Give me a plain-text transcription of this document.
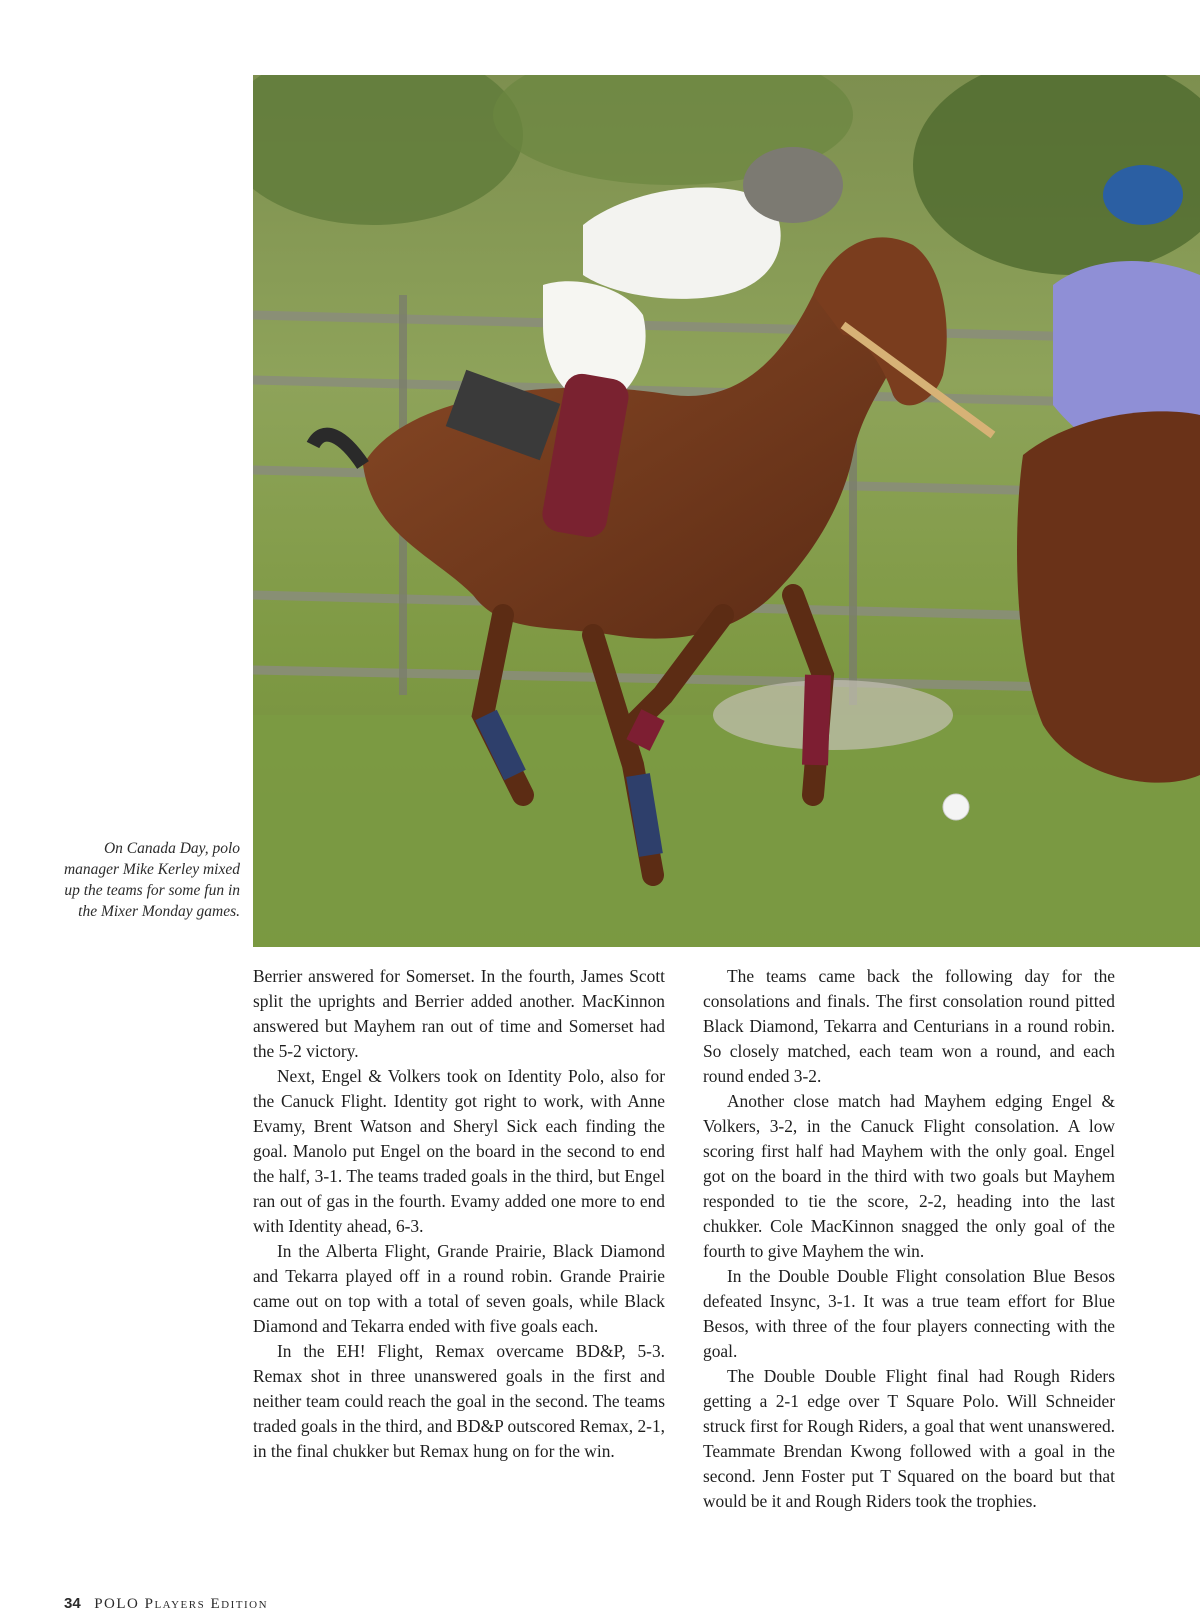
On Canada Day, polo manager Mike Kerley mixed up the teams for some fun in the Mixer Monday games.

Berrier answered for Somerset. In the fourth, James Scott split the uprights and Berrier added another. MacKinnon answered but Mayhem ran out of time and Somerset had the 5-2 victory.

Next, Engel & Volkers took on Identity Polo, also for the Canuck Flight. Identity got right to work, with Anne Evamy, Brent Watson and Sheryl Sick each finding the goal. Manolo put Engel on the board in the second to end the half, 3-1. The teams traded goals in the third, but Engel ran out of gas in the fourth. Evamy added one more to end with Identity ahead, 6-3.

In the Alberta Flight, Grande Prairie, Black Diamond and Tekarra played off in a round robin. Grande Prairie came out on top with a total of seven goals, while Black Diamond and Tekarra ended with five goals each.

In the EH! Flight, Remax overcame BD&P, 5-3. Remax shot in three unanswered goals in the first and neither team could reach the goal in the second. The teams traded goals in the third, and BD&P outscored Remax, 2-1, in the final chukker but Remax hung on for the win.

The teams came back the following day for the consolations and finals. The first consolation round pitted Black Diamond, Tekarra and Centurians in a round robin. So closely matched, each team won a round, and each round ended 3-2.

Another close match had Mayhem edging Engel & Volkers, 3-2, in the Canuck Flight consolation. A low scoring first half had Mayhem with the only goal. Engel got on the board in the third with two goals but Mayhem responded to tie the score, 2-2, heading into the last chukker. Cole MacKinnon snagged the only goal of the fourth to give Mayhem the win.

In the Double Double Flight consolation Blue Besos defeated Insync, 3-1. It was a true team effort for Blue Besos, with three of the four players connecting with the goal.

The Double Double Flight final had Rough Riders getting a 2-1 edge over T Square Polo. Will Schneider struck first for Rough Riders, a goal that went unanswered. Teammate Brendan Kwong followed with a goal in the second. Jenn Foster put T Squared on the board but that would be it and Rough Riders took the trophies.

34 POLO Players Edition
